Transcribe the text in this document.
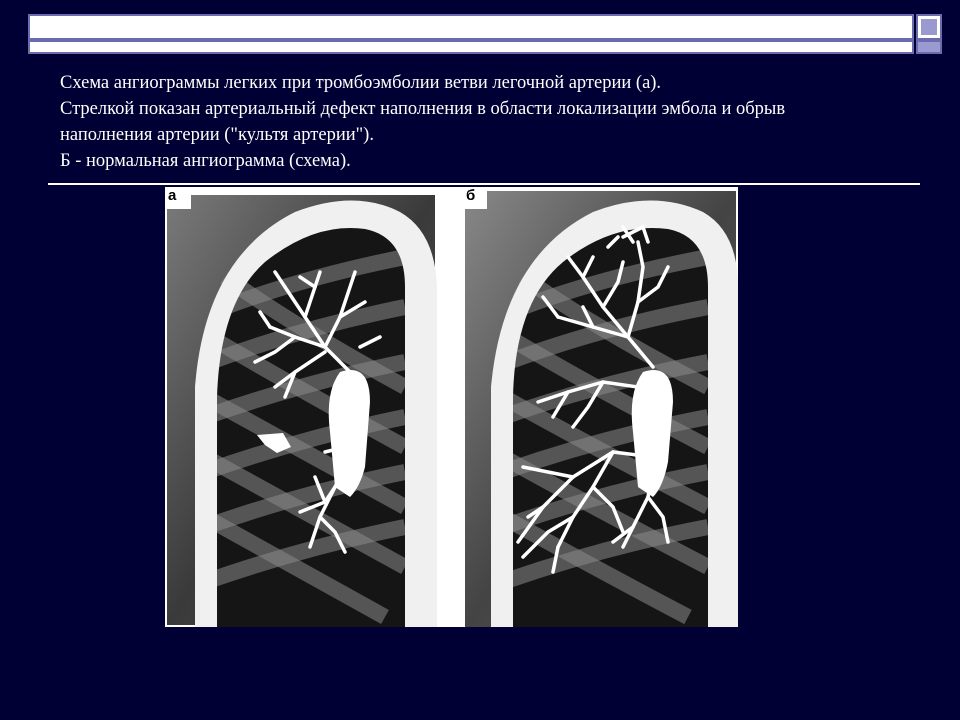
Схема ангиограммы легких при тромбоэмболии ветви легочной артерии (а).

Стрелкой показан артериальный дефект наполнения в области локализации эмбола и обрыв

наполнения артерии ("культя артерии").

Б - нормальная ангиограмма (схема).

а	б
